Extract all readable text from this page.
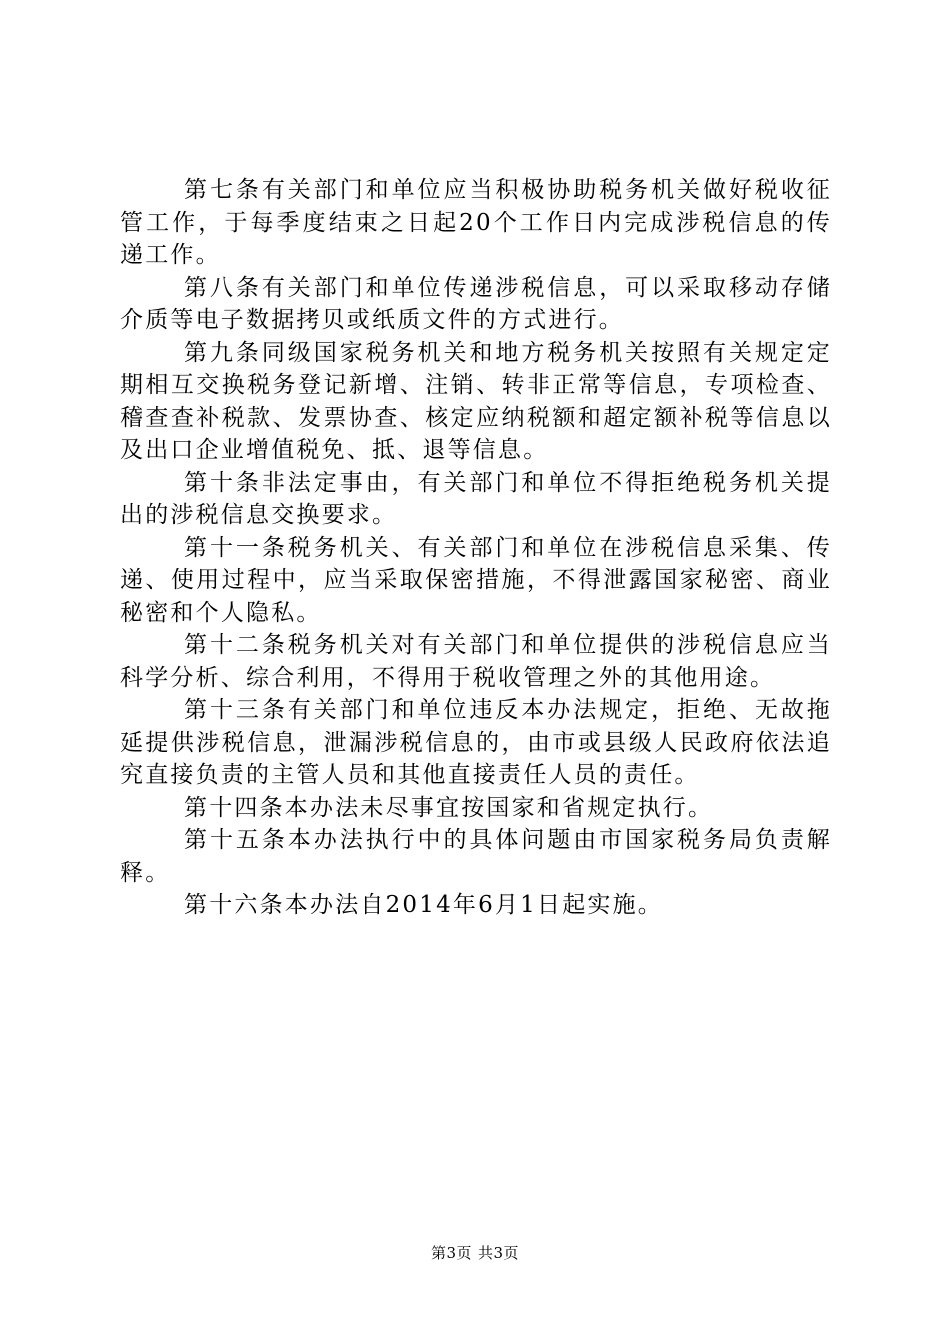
第七条有关部门和单位应当积极协助税务机关做好税收征管工作，于每季度结束之日起20个工作日内完成涉税信息的传递工作。

第八条有关部门和单位传递涉税信息，可以采取移动存储介质等电子数据拷贝或纸质文件的方式进行。

第九条同级国家税务机关和地方税务机关按照有关规定定期相互交换税务登记新增、注销、转非正常等信息，专项检查、稽查查补税款、发票协查、核定应纳税额和超定额补税等信息以及出口企业增值税免、抵、退等信息。

第十条非法定事由，有关部门和单位不得拒绝税务机关提出的涉税信息交换要求。

第十一条税务机关、有关部门和单位在涉税信息采集、传递、使用过程中，应当采取保密措施，不得泄露国家秘密、商业秘密和个人隐私。

第十二条税务机关对有关部门和单位提供的涉税信息应当科学分析、综合利用，不得用于税收管理之外的其他用途。

第十三条有关部门和单位违反本办法规定，拒绝、无故拖延提供涉税信息，泄漏涉税信息的，由市或县级人民政府依法追究直接负责的主管人员和其他直接责任人员的责任。

第十四条本办法未尽事宜按国家和省规定执行。

第十五条本办法执行中的具体问题由市国家税务局负责解释。

第十六条本办法自2014年6月1日起实施。

第3页 共3页
